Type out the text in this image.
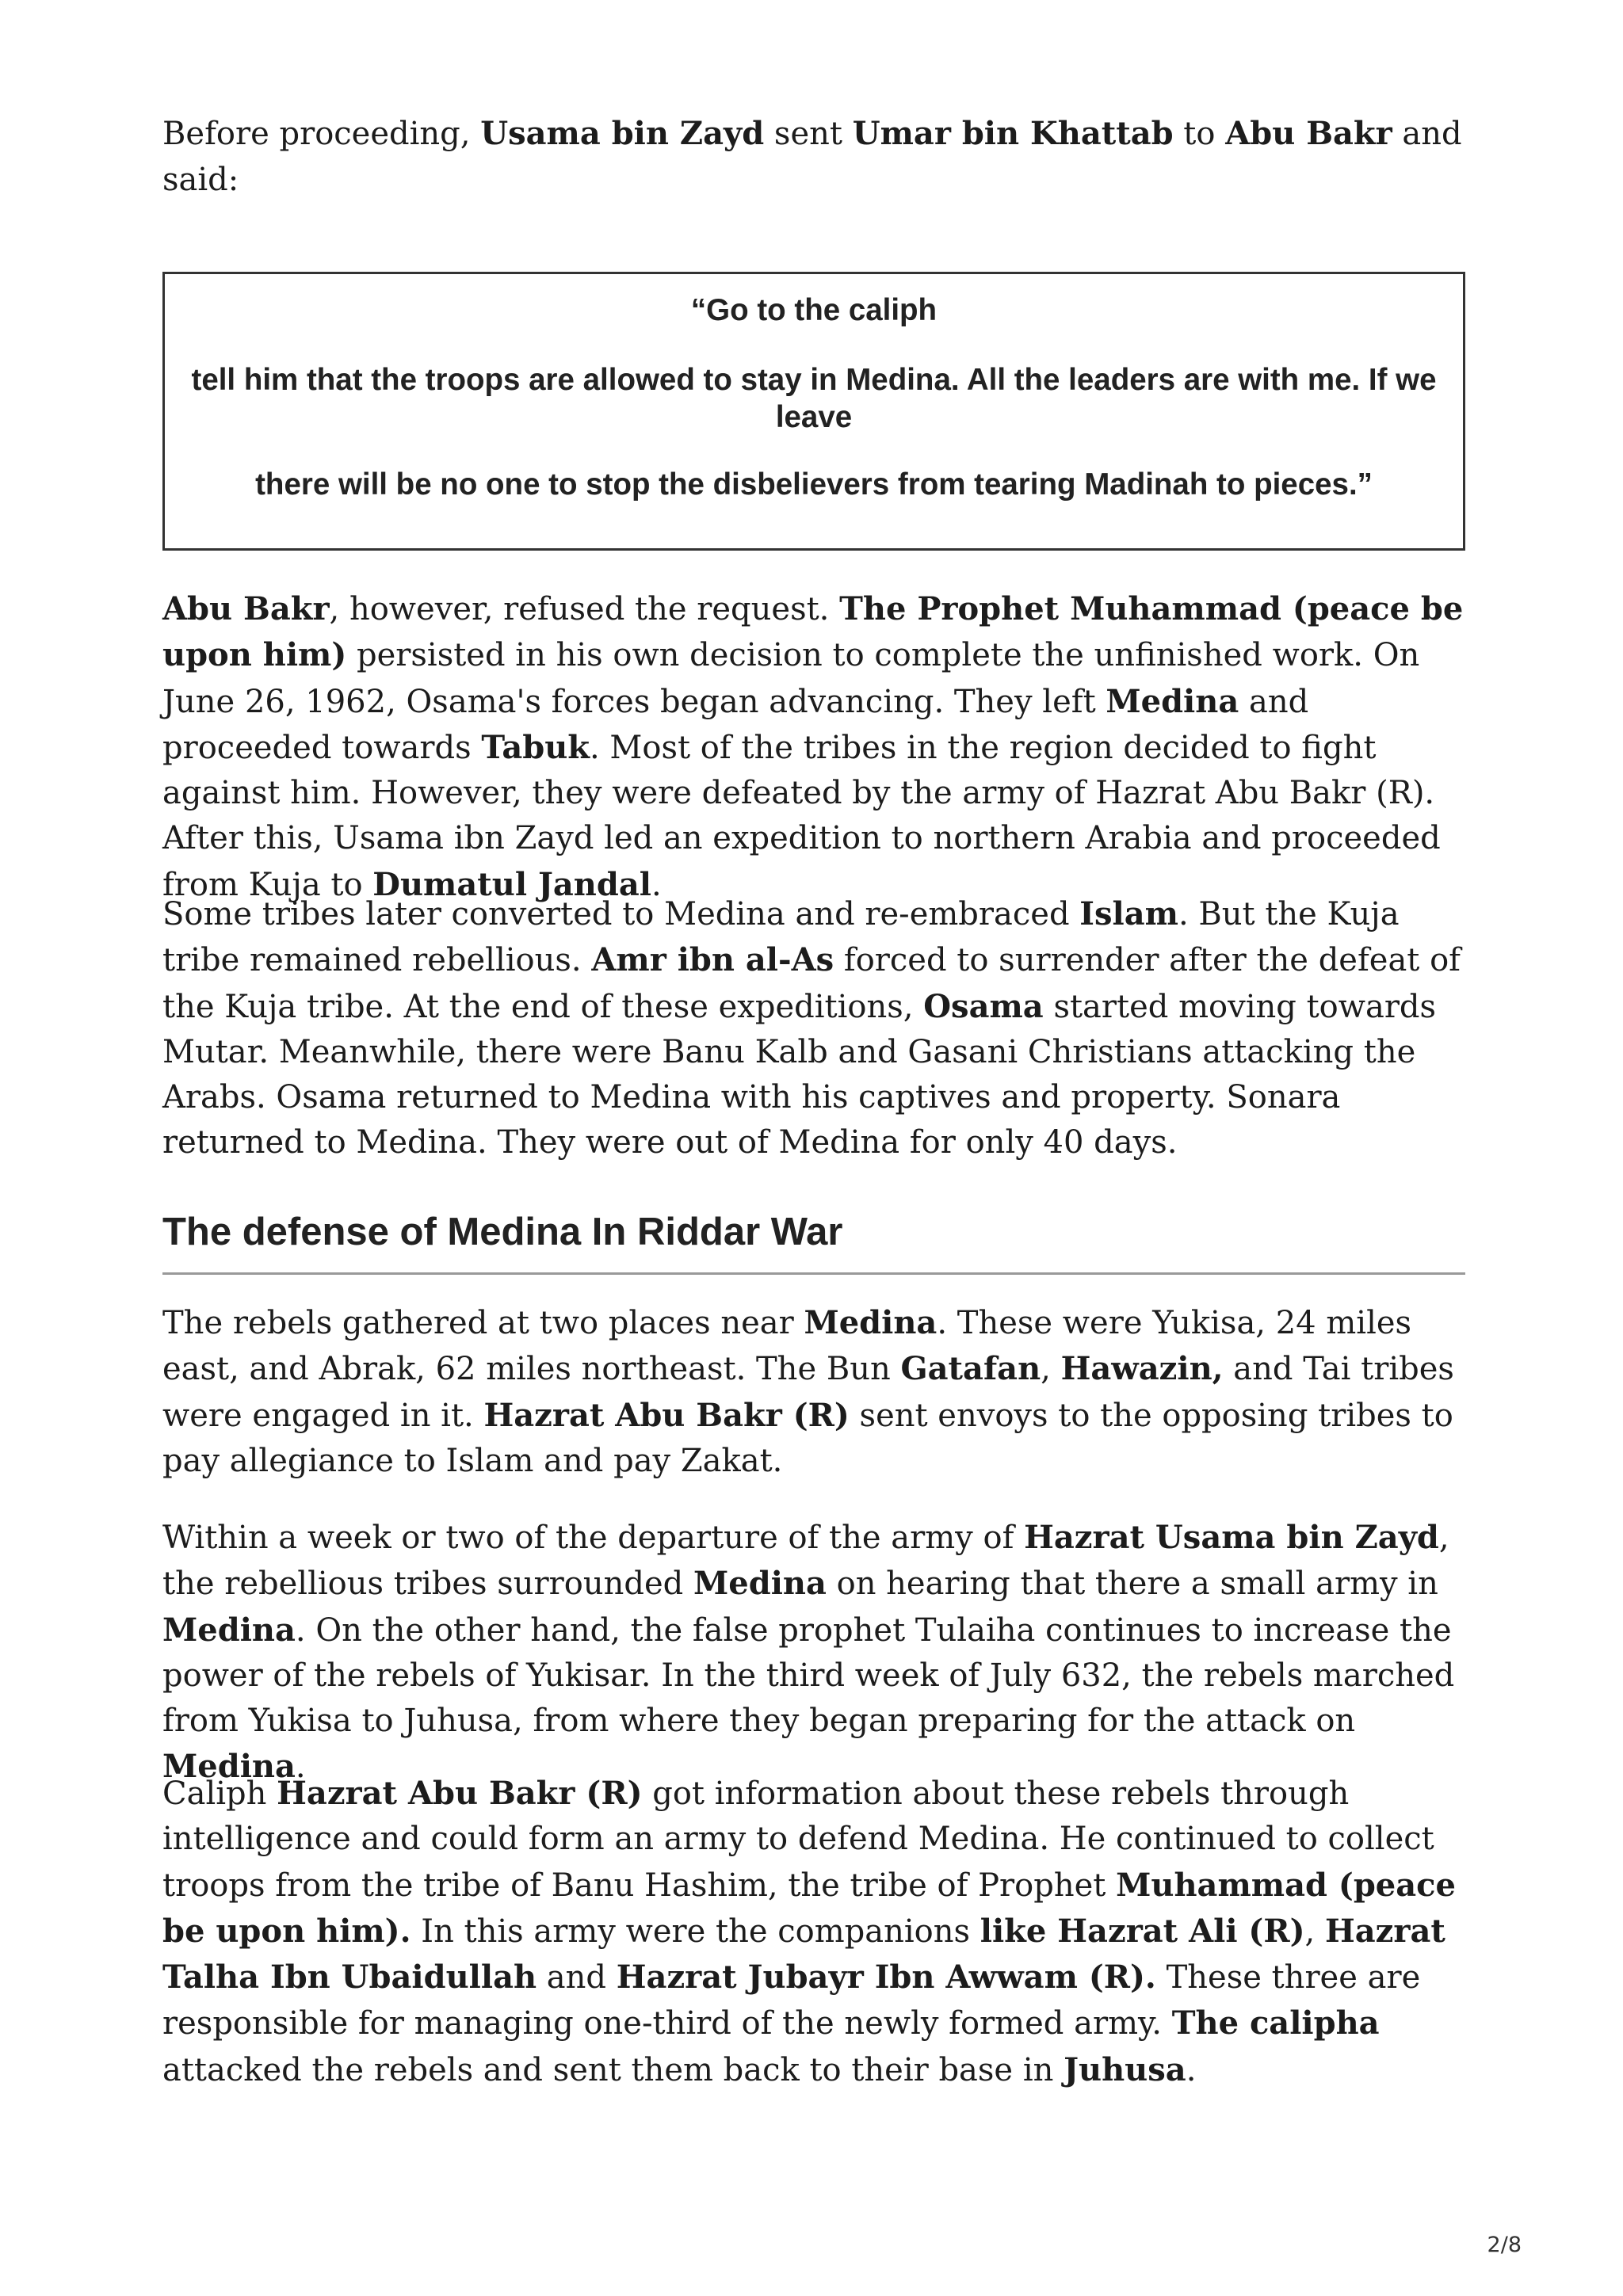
Before proceeding, Usama bin Zayd sent Umar bin Khattab to Abu Bakr and said:

“Go to the caliph

tell him that the troops are allowed to stay in Medina. All the leaders are with me. If we leave

there will be no one to stop the disbelievers from tearing Madinah to pieces.”

Abu Bakr, however, refused the request. The Prophet Muhammad (peace be upon him) persisted in his own decision to complete the unfinished work. On June 26, 1962, Osama's forces began advancing. They left Medina and proceeded towards Tabuk. Most of the tribes in the region decided to fight against him. However, they were defeated by the army of Hazrat Abu Bakr (R). After this, Usama ibn Zayd led an expedition to northern Arabia and proceeded from Kuja to Dumatul Jandal.

Some tribes later converted to Medina and re-embraced Islam. But the Kuja tribe remained rebellious. Amr ibn al-As forced to surrender after the defeat of the Kuja tribe. At the end of these expeditions, Osama started moving towards Mutar. Meanwhile, there were Banu Kalb and Gasani Christians attacking the Arabs. Osama returned to Medina with his captives and property. Sonara returned to Medina. They were out of Medina for only 40 days.

The defense of Medina In Riddar War

The rebels gathered at two places near Medina. These were Yukisa, 24 miles east, and Abrak, 62 miles northeast. The Bun Gatafan, Hawazin, and Tai tribes were engaged in it. Hazrat Abu Bakr (R) sent envoys to the opposing tribes to pay allegiance to Islam and pay Zakat.

Within a week or two of the departure of the army of Hazrat Usama bin Zayd, the rebellious tribes surrounded Medina on hearing that there a small army in Medina. On the other hand, the false prophet Tulaiha continues to increase the power of the rebels of Yukisar. In the third week of July 632, the rebels marched from Yukisa to Juhusa, from where they began preparing for the attack on Medina.

Caliph Hazrat Abu Bakr (R) got information about these rebels through intelligence and could form an army to defend Medina. He continued to collect troops from the tribe of Banu Hashim, the tribe of Prophet Muhammad (peace be upon him). In this army were the companions like Hazrat Ali (R), Hazrat Talha Ibn Ubaidullah and Hazrat Jubayr Ibn Awwam (R). These three are responsible for managing one-third of the newly formed army. The calipha attacked the rebels and sent them back to their base in Juhusa.

2/8
